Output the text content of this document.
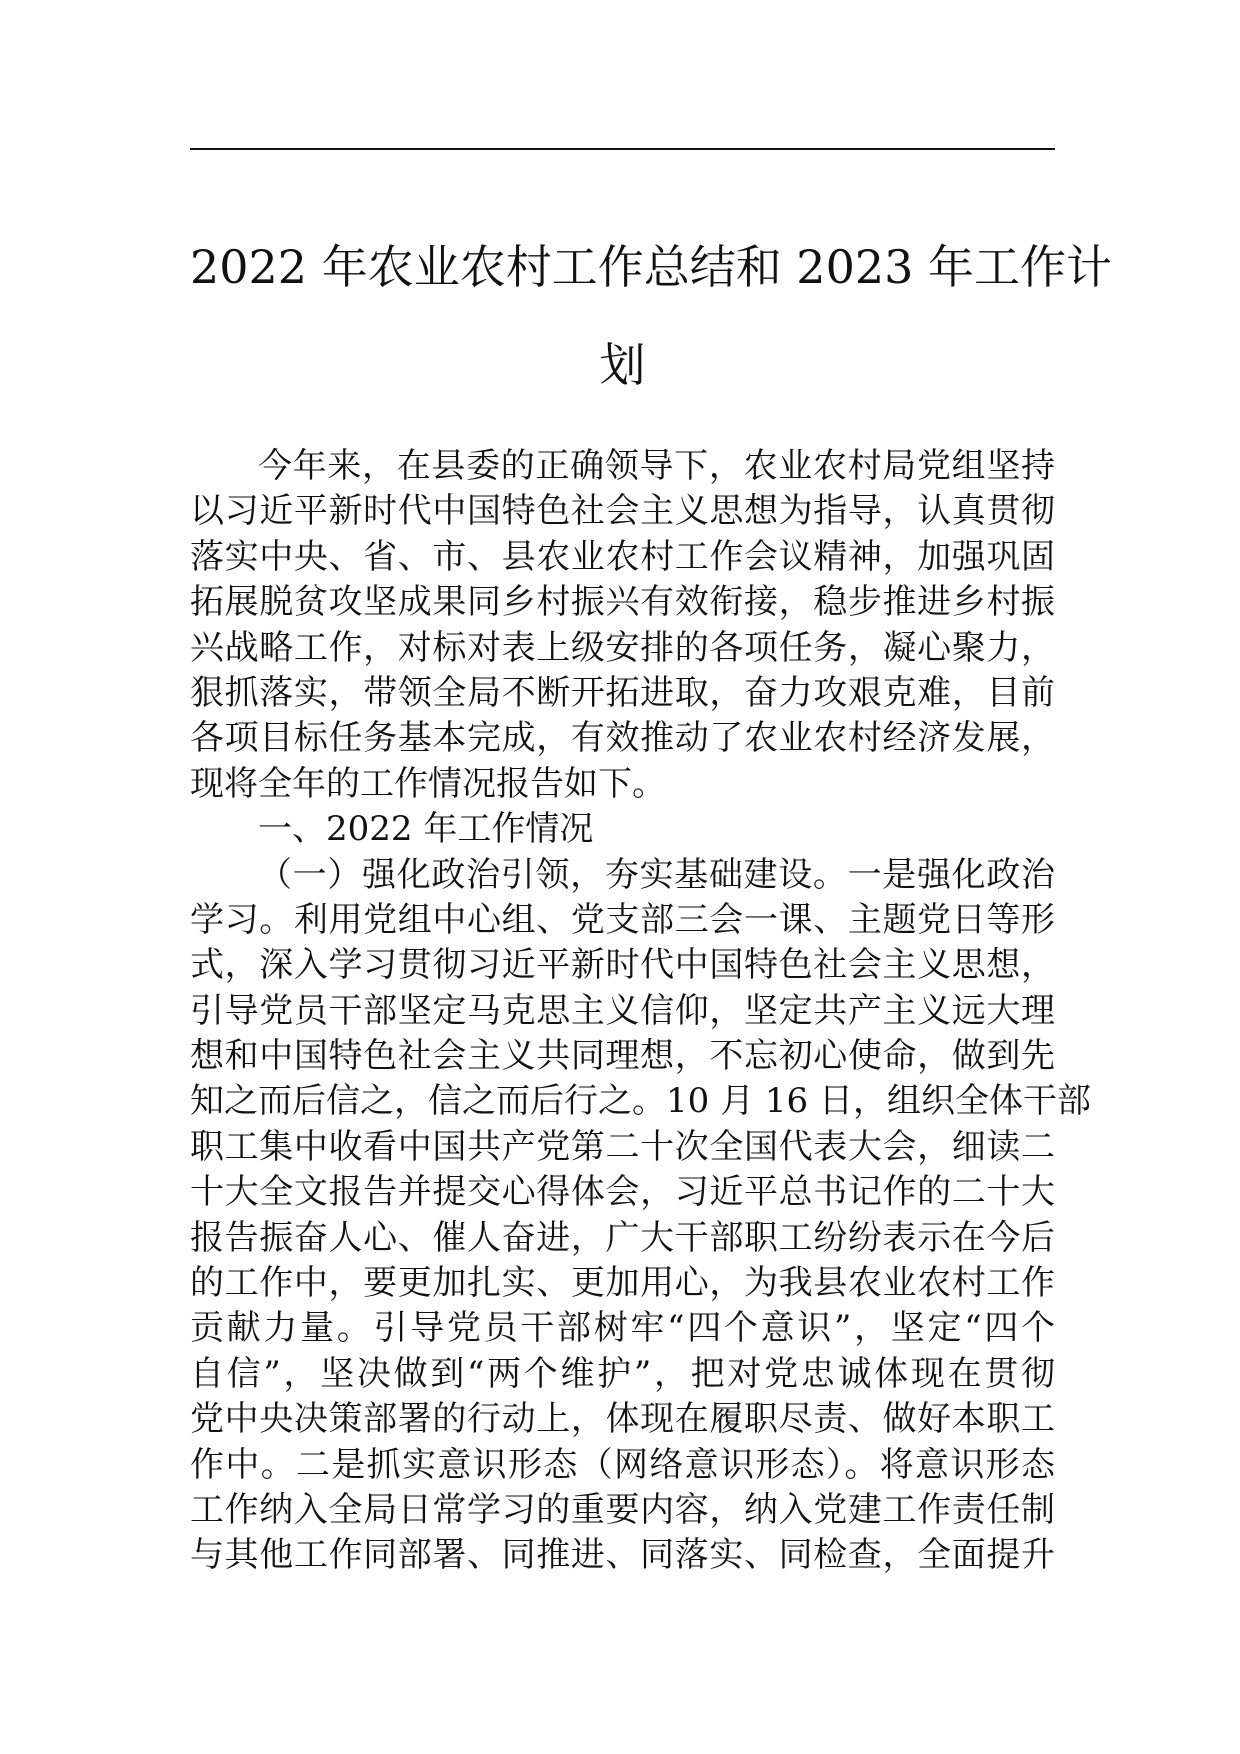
2022 年农业农村工作总结和 2023 年工作计
划
今年来，在县委的正确领导下，农业农村局党组坚持
以习近平新时代中国特色社会主义思想为指导，认真贯彻
落实中央、省、市、县农业农村工作会议精神，加强巩固
拓展脱贫攻坚成果同乡村振兴有效衔接，稳步推进乡村振
兴战略工作，对标对表上级安排的各项任务，凝心聚力，
狠抓落实，带领全局不断开拓进取，奋力攻艰克难，目前
各项目标任务基本完成，有效推动了农业农村经济发展，
现将全年的工作情况报告如下。
一、2022 年工作情况
（一）强化政治引领，夯实基础建设。一是强化政治
学习。利用党组中心组、党支部三会一课、主题党日等形
式，深入学习贯彻习近平新时代中国特色社会主义思想，
引导党员干部坚定马克思主义信仰，坚定共产主义远大理
想和中国特色社会主义共同理想，不忘初心使命，做到先
知之而后信之，信之而后行之。10 月 16 日，组织全体干部
职工集中收看中国共产党第二十次全国代表大会，细读二
十大全文报告并提交心得体会，习近平总书记作的二十大
报告振奋人心、催人奋进，广大干部职工纷纷表示在今后
的工作中，要更加扎实、更加用心，为我县农业农村工作
贡献力量。引导党员干部树牢“四个意识”，坚定“四个
自信”，坚决做到“两个维护”，把对党忠诚体现在贯彻
党中央决策部署的行动上，体现在履职尽责、做好本职工
作中。二是抓实意识形态（网络意识形态）。将意识形态
工作纳入全局日常学习的重要内容，纳入党建工作责任制
与其他工作同部署、同推进、同落实、同检查，全面提升
